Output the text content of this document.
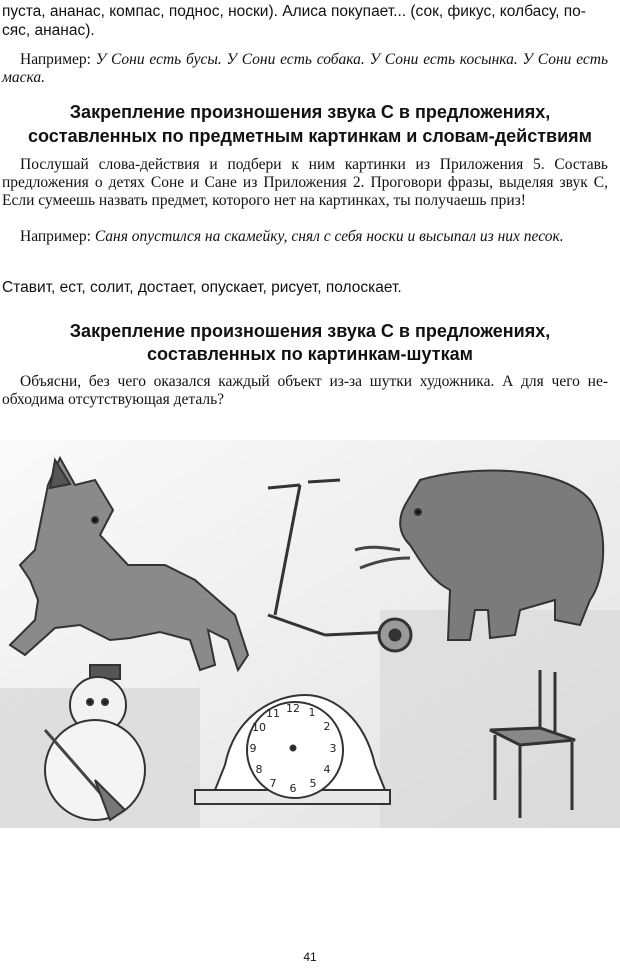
пуста, ананас, компас, поднос, носки). Алиса покупает... (сок, фикус, колбасу, по-сяс, ананас).
Например: У Сони есть бусы. У Сони есть собака. У Сони есть косынка. У Сони есть маска.
Закрепление произношения звука С в предложениях,
составленных по предметным картинкам и словам-действиям
Послушай слова-действия и подбери к ним картинки из Приложения 5. Составь предложения о детях Соне и Сане из Приложения 2. Проговори фразы, выделяя звук С, Если сумеешь назвать предмет, которого нет на картинках, ты получаешь приз!
Например: Саня опустился на скамейку, снял с себя носки и высыпал из них песок.
Ставит, ест, солит, достает, опускает, рисует, полоскает.
Закрепление произношения звука С в предложениях,
составленных по картинкам-шуткам
Объясни, без чего оказался каждый объект из-за шутки художника. А для чего не-обходима отсутствующая деталь?
12 1
2
3
4
5
6
7
8
9
10
11
41
